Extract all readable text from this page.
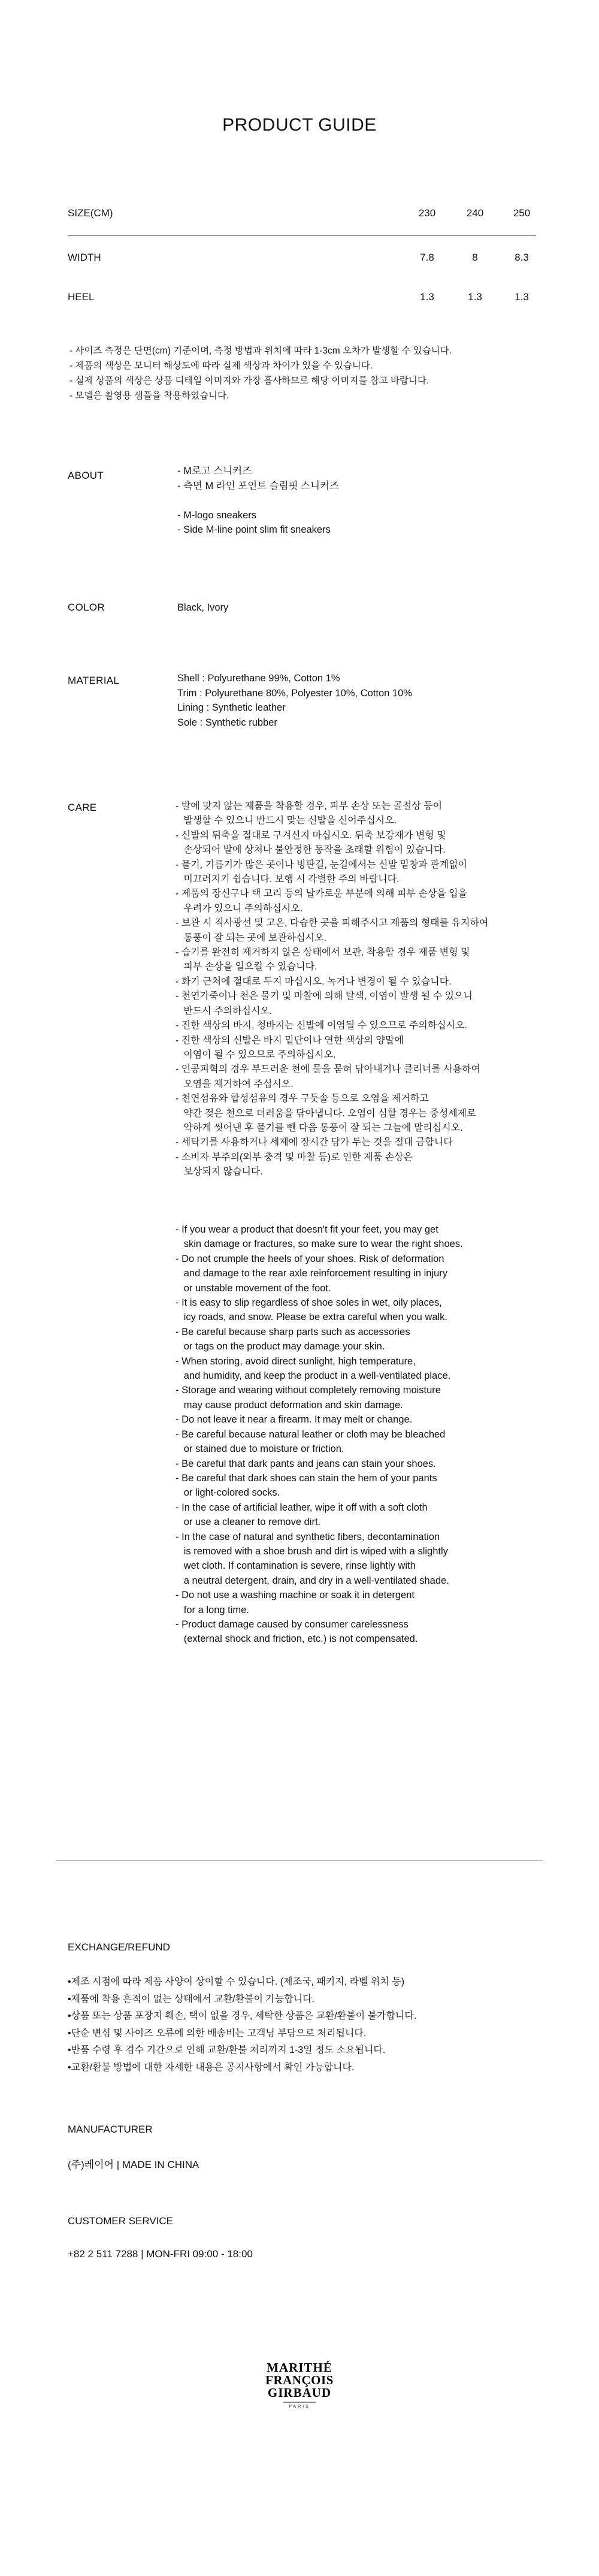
PRODUCT GUIDE
SIZE(CM)	230	240	250
WIDTH	7.8	8	8.3
HEEL	1.3	1.3	1.3
- 사이즈 측정은 단면(cm) 기준이며, 측정 방법과 위치에 따라 1-3cm 오차가 발생할 수 있습니다.
- 제품의 색상은 모니터 해상도에 따라 실제 색상과 차이가 있을 수 있습니다.
- 실제 상품의 색상은 상품 디테일 이미지와 가장 흡사하므로 해당 이미지를 참고 바랍니다.
- 모델은 촬영용 샘플을 착용하였습니다.
ABOUT	- M로고 스니커즈
- 측면 M 라인 포인트 슬림핏 스니커즈
- M-logo sneakers
- Side M-line point slim fit sneakers
COLOR	Black, Ivory
MATERIAL	Shell : Polyurethane 99%, Cotton 1%
Trim : Polyurethane 80%, Polyester 10%, Cotton 10%
Lining : Synthetic leather
Sole : Synthetic rubber
CARE	- 발에 맞지 않는 제품을 착용할 경우, 피부 손상 또는 골절상 등이
발생할 수 있으니 반드시 맞는 신발을 신어주십시오.
- 신발의 뒤축을 절대로 구겨신지 마십시오. 뒤축 보강재가 변형 및
손상되어 발에 상처나 불안정한 동작을 초래할 위험이 있습니다.
- 물기, 기름기가 많은 곳이나 빙판길, 눈길에서는 신발 밑창과 관계없이
미끄러지기 쉽습니다. 보행 시 각별한 주의 바랍니다.
- 제품의 장신구나 택 고리 등의 날카로운 부분에 의해 피부 손상을 입을
우려가 있으니 주의하십시오.
- 보관 시 직사광선 및 고온, 다습한 곳을 피해주시고 제품의 형태를 유지하여
통풍이 잘 되는 곳에 보관하십시오.
- 습기를 완전히 제거하지 않은 상태에서 보관, 착용할 경우 제품 변형 및
피부 손상을 일으킬 수 있습니다.
- 화기 근처에 절대로 두지 마십시오. 녹거나 변경이 될 수 있습니다.
- 천연가죽이나 천은 물기 및 마찰에 의해 탈색, 이염이 발생 될 수 있으니
반드시 주의하십시오.
- 진한 색상의 바지, 청바지는 신발에 이염될 수 있으므로 주의하십시오.
- 진한 색상의 신발은 바지 밑단이나 연한 색상의 양말에
이염이 될 수 있으므로 주의하십시오.
- 인공피혁의 경우 부드러운 천에 물을 묻혀 닦아내거나 클리너를 사용하여
오염을 제거하여 주십시오.
- 천연섬유와 합성섬유의 경우 구둣솔 등으로 오염을 제거하고
약간 젖은 천으로 더러움을 닦아냅니다. 오염이 심할 경우는 중성세제로
약하게 씻어낸 후 물기를 뺀 다음 통풍이 잘 되는 그늘에 말리십시오.
- 세탁기를 사용하거나 세제에 장시간 담가 두는 것을 절대 금합니다
- 소비자 부주의(외부 충격 및 마찰 등)로 인한 제품 손상은
보상되지 않습니다.
- If you wear a product that doesn't fit your feet, you may get
skin damage or fractures, so make sure to wear the right shoes.
- Do not crumple the heels of your shoes. Risk of deformation
and damage to the rear axle reinforcement resulting in injury
or unstable movement of the foot.
- It is easy to slip regardless of shoe soles in wet, oily places,
icy roads, and snow. Please be extra careful when you walk.
- Be careful because sharp parts such as accessories
or tags on the product may damage your skin.
- When storing, avoid direct sunlight, high temperature,
and humidity, and keep the product in a well-ventilated place.
- Storage and wearing without completely removing moisture
may cause product deformation and skin damage.
- Do not leave it near a firearm. It may melt or change.
- Be careful because natural leather or cloth may be bleached
or stained due to moisture or friction.
- Be careful that dark pants and jeans can stain your shoes.
- Be careful that dark shoes can stain the hem of your pants
or light-colored socks.
- In the case of artificial leather, wipe it off with a soft cloth
or use a cleaner to remove dirt.
- In the case of natural and synthetic fibers, decontamination
is removed with a shoe brush and dirt is wiped with a slightly
wet cloth. If contamination is severe, rinse lightly with
a neutral detergent, drain, and dry in a well-ventilated shade.
- Do not use a washing machine or soak it in detergent
for a long time.
- Product damage caused by consumer carelessness
(external shock and friction, etc.) is not compensated.
EXCHANGE/REFUND
•제조 시점에 따라 제품 사양이 상이할 수 있습니다. (제조국, 패키지, 라벨 위치 등)
•제품에 착용 흔적이 없는 상태에서 교환/환불이 가능합니다.
•상품 또는 상품 포장지 훼손, 택이 없을 경우, 세탁한 상품은 교환/환불이 불가합니다.
•단순 변심 및 사이즈 오류에 의한 배송비는 고객님 부담으로 처리됩니다.
•반품 수령 후 검수 기간으로 인해 교환/환불 처리까지 1-3일 정도 소요됩니다.
•교환/환불 방법에 대한 자세한 내용은 공지사항에서 확인 가능합니다.
MANUFACTURER
(주)레이어 | MADE IN CHINA
CUSTOMER SERVICE
+82 2 511 7288 | MON-FRI 09:00 - 18:00
MARITHÉ
FRANÇOIS
GIRBAUD
PARIS
